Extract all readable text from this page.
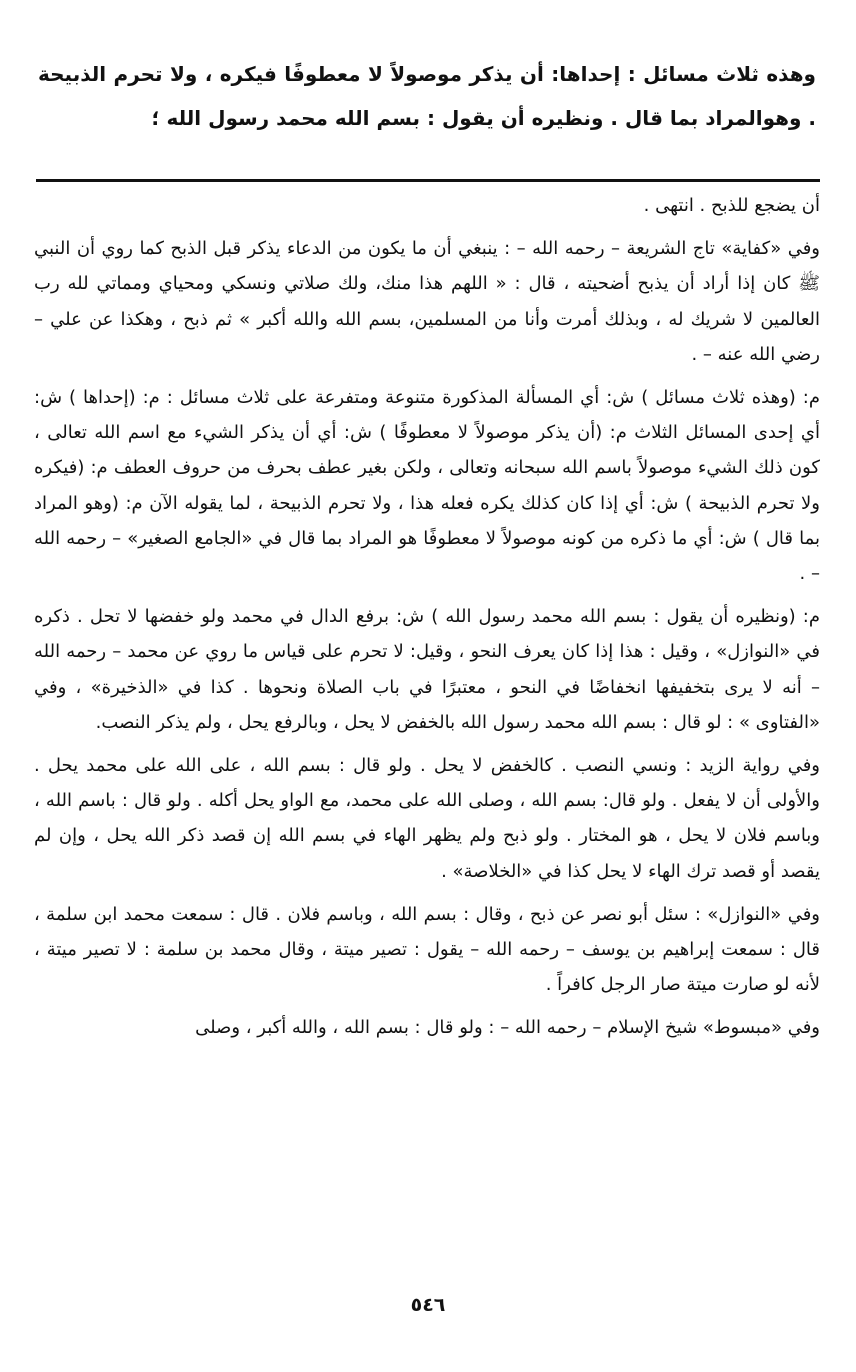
وهذه ثلاث مسائل : إحداها: أن يذكر موصولاً لا معطوفًا فيكره ، ولا تحرم الذبيحة . وهوالمراد بما قال . ونظيره أن يقول : بسم الله محمد رسول الله ؛

أن يضجع للذبح . انتهى .

وفي «كفاية» تاج الشريعة – رحمه الله – : ينبغي أن ما يكون من الدعاء يذكر قبل الذبح كما روي أن النبي ﷺ كان إذا أراد أن يذبح أضحيته ، قال : « اللهم هذا منك، ولك صلاتي ونسكي ومحياي ومماتي لله رب العالمين لا شريك له ، وبذلك أمرت وأنا من المسلمين، بسم الله والله أكبر » ثم ذبح ، وهكذا عن علي – رضي الله عنه – .

م: (وهذه ثلاث مسائل ) ش: أي المسألة المذكورة متنوعة ومتفرعة على ثلاث مسائل : م: (إحداها ) ش: أي إحدى المسائل الثلاث م: (أن يذكر موصولاً لا معطوفًا ) ش: أي أن يذكر الشيء مع اسم الله تعالى ، كون ذلك الشيء موصولاً باسم الله سبحانه وتعالى ، ولكن بغير عطف بحرف من حروف العطف م: (فيكره ولا تحرم الذبيحة ) ش: أي إذا كان كذلك يكره فعله هذا ، ولا تحرم الذبيحة ، لما يقوله الآن م: (وهو المراد بما قال ) ش: أي ما ذكره من كونه موصولاً لا معطوفًا هو المراد بما قال في «الجامع الصغير» – رحمه الله – .

م: (ونظيره أن يقول : بسم الله محمد رسول الله ) ش: برفع الدال في محمد ولو خفضها لا تحل . ذكره في «النوازل» ، وقيل : هذا إذا كان يعرف النحو ، وقيل: لا تحرم على قياس ما روي عن محمد – رحمه الله – أنه لا يرى بتخفيفها انخفاضًا في النحو ، معتبرًا في باب الصلاة ونحوها . كذا في «الذخيرة» ، وفي «الفتاوى » : لو قال : بسم الله محمد رسول الله بالخفض لا يحل ، وبالرفع يحل ، ولم يذكر النصب.

وفي رواية الزيد : ونسي النصب . كالخفض لا يحل . ولو قال : بسم الله ، على الله على محمد يحل . والأولى أن لا يفعل . ولو قال: بسم الله ، وصلى الله على محمد، مع الواو يحل أكله . ولو قال : باسم الله ، وباسم فلان لا يحل ، هو المختار . ولو ذبح ولم يظهر الهاء في بسم الله إن قصد ذكر الله يحل ، وإن لم يقصد أو قصد ترك الهاء لا يحل كذا في «الخلاصة» .

وفي «النوازل» : سئل أبو نصر عن ذبح ، وقال : بسم الله ، وباسم فلان . قال : سمعت محمد ابن سلمة ، قال : سمعت إبراهيم بن يوسف – رحمه الله – يقول : تصير ميتة ، وقال محمد بن سلمة : لا تصير ميتة ، لأنه لو صارت ميتة صار الرجل كافراً .

وفي «مبسوط» شيخ الإسلام – رحمه الله – : ولو قال : بسم الله ، والله أكبر ، وصلى

٥٤٦
